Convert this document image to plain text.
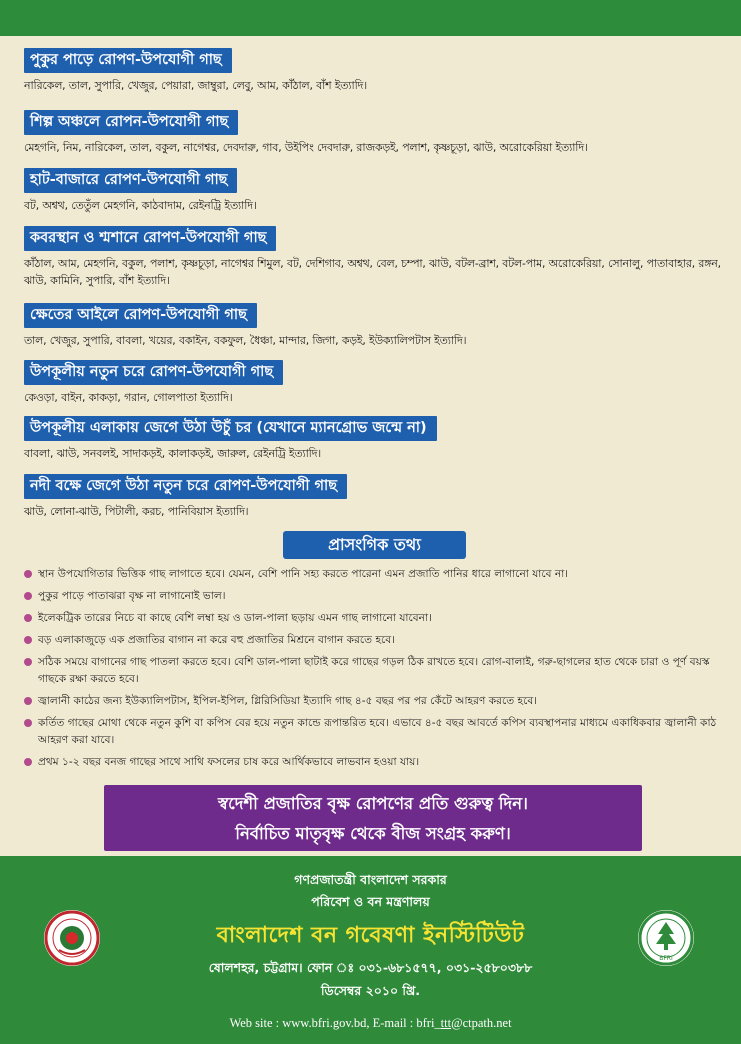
পুকুর পাড়ে রোপণ-উপযোগী গাছ
নারিকেল, তাল, সুপারি, খেজুর, পেয়ারা, জাম্বুরা, লেবু, আম, কাঁঠাল, বাঁশ ইত্যাদি।
শিল্প অঞ্চলে রোপন-উপযোগী গাছ
মেহগনি, নিম, নারিকেল, তাল, বকুল, নাগেশ্বর, দেবদারু, গাব, উইপিং দেবদারু, রাজকড়ই, পলাশ, কৃষ্ণচূড়া, ঝাউ, অরোকেরিয়া ইত্যাদি।
হাট-বাজারে রোপণ-উপযোগী গাছ
বট, অশ্বথ, তেতুঁল মেহগনি, কাঠবাদাম, রেইনট্রি ইত্যাদি।
কবরস্থান ও শ্মশানে রোপণ-উপযোগী গাছ
কাঁঠাল, আম, মেহগনি, বকুল, পলাশ, কৃষ্ণচূড়া, নাগেশ্বর শিমুল, বট, দেশিগাব, অশ্বথ, বেল, চম্পা, ঝাউ, বটল-ব্রাশ, বটল-পাম, অরোকেরিয়া, সোনালু, পাতাবাহার, রঙ্গন, ঝাউ, কামিনি, সুপারি, বাঁশ ইত্যাদি।
ক্ষেতের আইলে রোপণ-উপযোগী গাছ
তাল, খেজুর, সুপারি, বাবলা, খয়ের, বকাইন, বকফুল, ধৈঞ্চা, মান্দার, জিগা, কড়ই, ইউক্যালিপটাস ইত্যাদি।
উপকূলীয় নতুন চরে রোপণ-উপযোগী গাছ
কেওড়া, বাইন, কাকড়া, গরান, গোলপাতা ইত্যাদি।
উপকূলীয় এলাকায় জেগে উঠা উচুঁ চর (যেখানে ম্যানগ্রোভ জন্মে না)
বাবলা, ঝাউ, সনবলই, সাদাকড়ই, কালাকড়ই, জারুল, রেইনট্রি ইত্যাদি।
নদী বক্ষে জেগে উঠা নতুন চরে রোপণ-উপযোগী গাছ
ঝাউ, লোনা-ঝাউ, পিটালী, করচ, পানিবিয়াস ইত্যাদি।
প্রাসংগিক তথ্য
স্থান উপযোগিতার ভিত্তিক গাছ লাগাতে হবে। যেমন, বেশি পানি সহ্য করতে পারেনা এমন প্রজাতি পানির ধারে লাগানো যাবে না।
পুকুর পাড়ে পাতাঝরা বৃক্ষ না লাগানোই ভাল।
ইলেকট্রিক তারের নিচে বা কাছে বেশি লম্বা হয় ও ডাল-পালা ছড়ায় এমন গাছ লাগানো যাবেনা।
বড় এলাকাজুড়ে এক প্রজাতির বাগান না করে বহু প্রজাতির মিশ্রনে বাগান করতে হবে।
সঠিক সময়ে বাগানের গাছ পাতলা করতে হবে। বেশি ডাল-পালা ছাটাই করে গাছের গড়ল ঠিক রাখতে হবে। রোগ-বালাই, গরু-ছাগলের হাত থেকে চারা ও পূর্ণ বয়স্ক গাছকে রক্ষা করতে হবে।
জ্বালানী কাঠের জন্য ইউক্যালিপটাস, ইপিল-ইপিল, গ্লিরিসিডিয়া ইত্যাদি গাছ ৪-৫ বছর পর পর কেঁটে আহরণ করতে হবে।
কর্তিত গাছের মোথা থেকে নতুন কুশি বা কপিস বের হয়ে নতুন কান্ডে রূপান্তরিত হবে। এভাবে ৪-৫ বছর আবর্তে কপিস ব্যবস্থাপনার মাধ্যমে একাধিকবার জ্বালানী কাঠ আহরণ করা যাবে।
প্রথম ১-২ বছর বনজ গাছের সাথে সাথি ফসলের চাষ করে আর্থিকভাবে লাভবান হওয়া যায়।
স্বদেশী প্রজাতির বৃক্ষ রোপণের প্রতি গুরুত্ব দিন।
নির্বাচিত মাতৃবৃক্ষ থেকে বীজ সংগ্রহ করুণ।
BFRI
গণপ্রজাতন্ত্রী বাংলাদেশ সরকার
পরিবেশ ও বন মন্ত্রণালয়
বাংলাদেশ বন গবেষণা ইনস্টিটিউট
ষোলশহর, চট্টগ্রাম। ফোন ঃ ০৩১-৬৮১৫৭৭, ০৩১-২৫৮০৩৮৮
ডিসেম্বর ২০১০ খ্রি.
Web site : www.bfri.gov.bd, E-mail : bfri_ttt@ctpath.net
